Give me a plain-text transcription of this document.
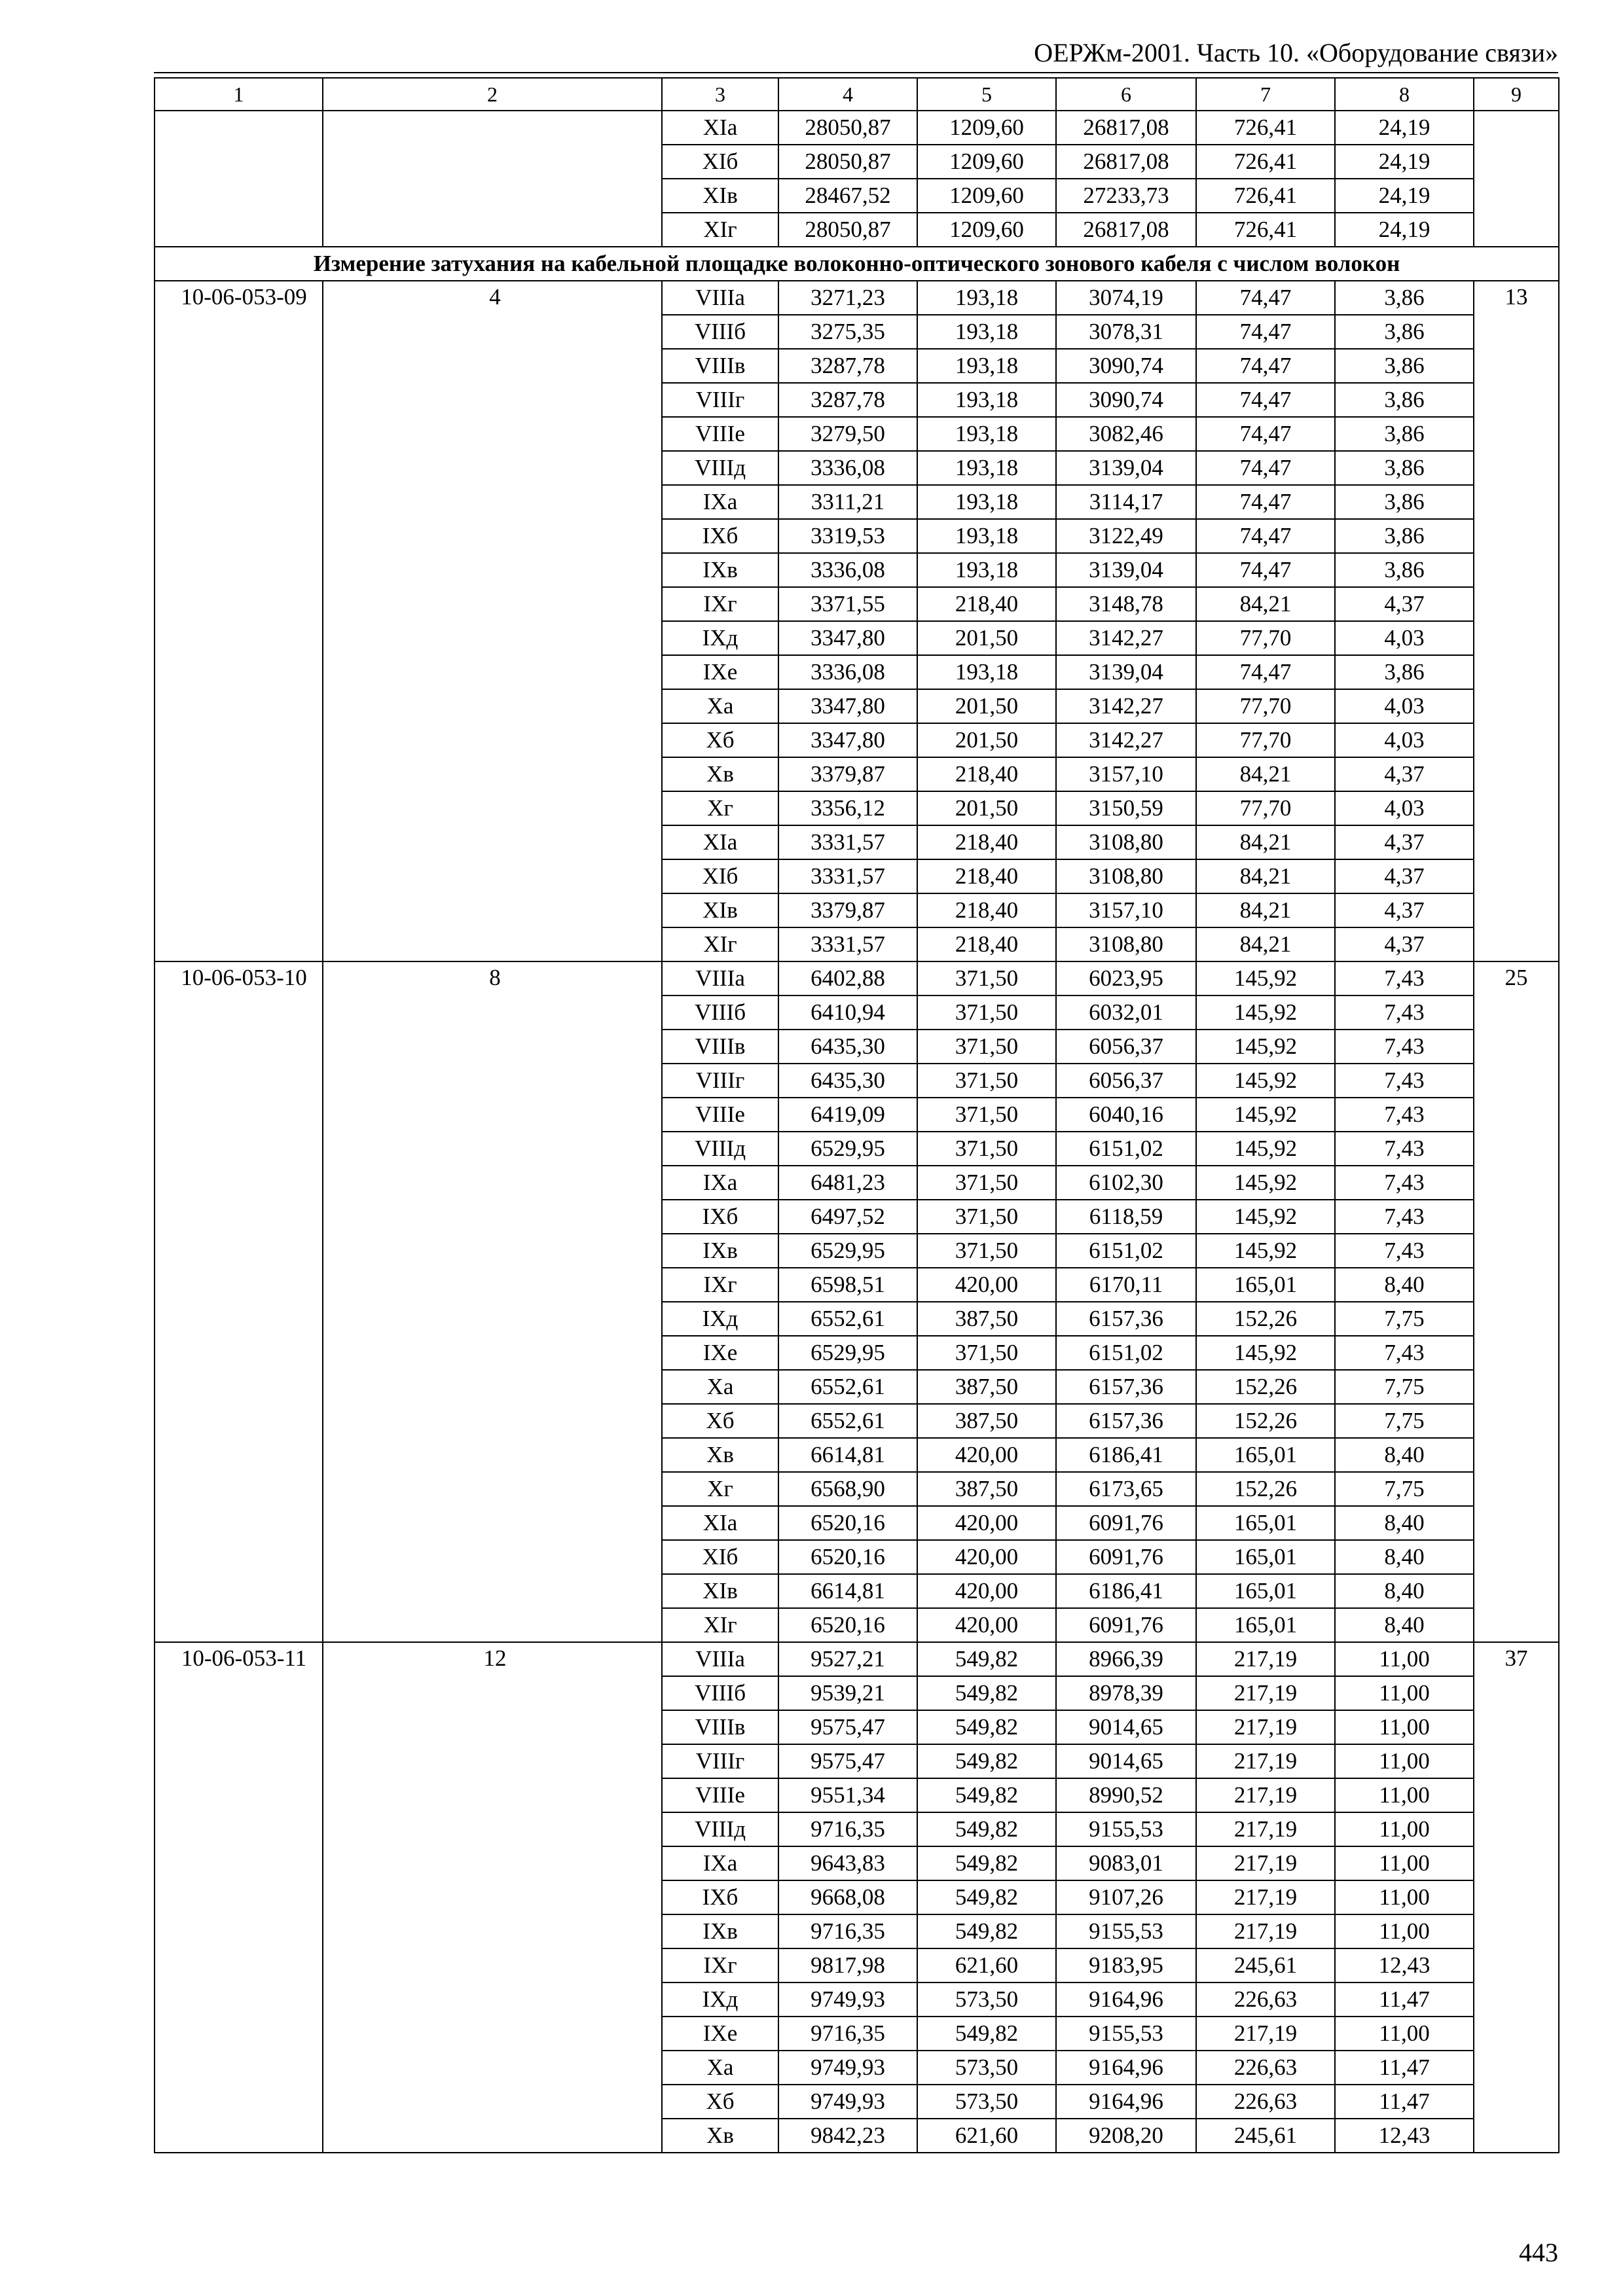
ОЕРЖм-2001. Часть 10. «Оборудование связи»
1	2	3	4	5	6	7	8	9
		XIa	28050,87	1209,60	26817,08	726,41	24,19	
		XIб	28050,87	1209,60	26817,08	726,41	24,19	
		XIв	28467,52	1209,60	27233,73	726,41	24,19	
		XIг	28050,87	1209,60	26817,08	726,41	24,19	
Измерение затухания на кабельной площадке волоконно-оптического зонового кабеля с числом волокон								
10-06-053-09	4	VIIIа	3271,23	193,18	3074,19	74,47	3,86	13
		VIIIб	3275,35	193,18	3078,31	74,47	3,86	
		VIIIв	3287,78	193,18	3090,74	74,47	3,86	
		VIIIг	3287,78	193,18	3090,74	74,47	3,86	
		VIIIе	3279,50	193,18	3082,46	74,47	3,86	
		VIIIд	3336,08	193,18	3139,04	74,47	3,86	
		IXа	3311,21	193,18	3114,17	74,47	3,86	
		IXб	3319,53	193,18	3122,49	74,47	3,86	
		IXв	3336,08	193,18	3139,04	74,47	3,86	
		IXг	3371,55	218,40	3148,78	84,21	4,37	
		IXд	3347,80	201,50	3142,27	77,70	4,03	
		IXе	3336,08	193,18	3139,04	74,47	3,86	
		Xа	3347,80	201,50	3142,27	77,70	4,03	
		Xб	3347,80	201,50	3142,27	77,70	4,03	
		Xв	3379,87	218,40	3157,10	84,21	4,37	
		Xг	3356,12	201,50	3150,59	77,70	4,03	
		XIа	3331,57	218,40	3108,80	84,21	4,37	
		XIб	3331,57	218,40	3108,80	84,21	4,37	
		XIв	3379,87	218,40	3157,10	84,21	4,37	
		XIг	3331,57	218,40	3108,80	84,21	4,37	
10-06-053-10	8	VIIIа	6402,88	371,50	6023,95	145,92	7,43	25
		VIIIб	6410,94	371,50	6032,01	145,92	7,43	
		VIIIв	6435,30	371,50	6056,37	145,92	7,43	
		VIIIг	6435,30	371,50	6056,37	145,92	7,43	
		VIIIе	6419,09	371,50	6040,16	145,92	7,43	
		VIIIд	6529,95	371,50	6151,02	145,92	7,43	
		IXа	6481,23	371,50	6102,30	145,92	7,43	
		IXб	6497,52	371,50	6118,59	145,92	7,43	
		IXв	6529,95	371,50	6151,02	145,92	7,43	
		IXг	6598,51	420,00	6170,11	165,01	8,40	
		IXд	6552,61	387,50	6157,36	152,26	7,75	
		IXе	6529,95	371,50	6151,02	145,92	7,43	
		Xа	6552,61	387,50	6157,36	152,26	7,75	
		Xб	6552,61	387,50	6157,36	152,26	7,75	
		Xв	6614,81	420,00	6186,41	165,01	8,40	
		Xг	6568,90	387,50	6173,65	152,26	7,75	
		XIа	6520,16	420,00	6091,76	165,01	8,40	
		XIб	6520,16	420,00	6091,76	165,01	8,40	
		XIв	6614,81	420,00	6186,41	165,01	8,40	
		XIг	6520,16	420,00	6091,76	165,01	8,40	
10-06-053-11	12	VIIIа	9527,21	549,82	8966,39	217,19	11,00	37
		VIIIб	9539,21	549,82	8978,39	217,19	11,00	
		VIIIв	9575,47	549,82	9014,65	217,19	11,00	
		VIIIг	9575,47	549,82	9014,65	217,19	11,00	
		VIIIе	9551,34	549,82	8990,52	217,19	11,00	
		VIIIд	9716,35	549,82	9155,53	217,19	11,00	
		IXа	9643,83	549,82	9083,01	217,19	11,00	
		IXб	9668,08	549,82	9107,26	217,19	11,00	
		IXв	9716,35	549,82	9155,53	217,19	11,00	
		IXг	9817,98	621,60	9183,95	245,61	12,43	
		IXд	9749,93	573,50	9164,96	226,63	11,47	
		IXе	9716,35	549,82	9155,53	217,19	11,00	
		Xа	9749,93	573,50	9164,96	226,63	11,47	
		Xб	9749,93	573,50	9164,96	226,63	11,47	
		Xв	9842,23	621,60	9208,20	245,61	12,43	
443
